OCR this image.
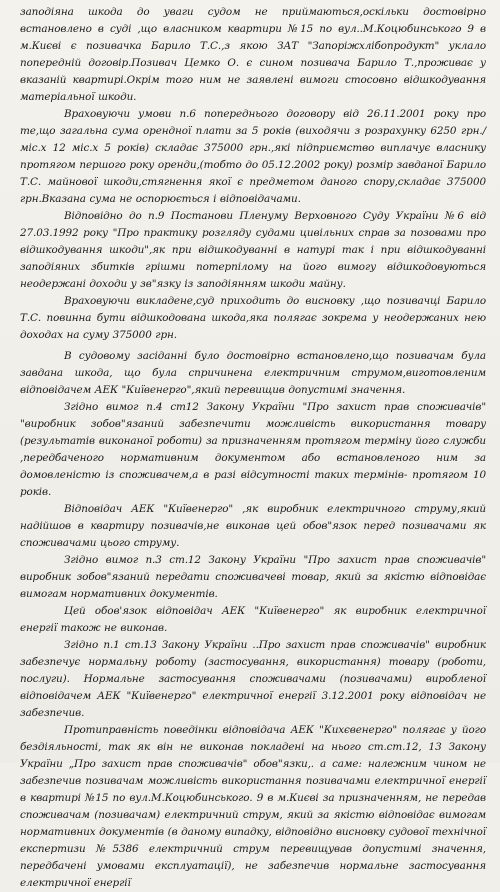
заподіяна шкода до уваги судом не приймаються,оскільки достовірно встановлено в суді ,що власником квартири №15 по вул..М.Коцюбинського 9 в м.Києві є позивачка Барило Т.С.,з якою ЗАТ "Запоріжхлібопродукт" уклало попередній договір.Позивач Цемко О. є сином позивача Барило Т.,проживає у вказаній квартирі.Окрім того ним не заявлені вимоги стосовно відшкодування матеріальної шкоди.

Враховуючи умови п.6 попереднього договору від 26.11.2001 року про те,що загальна сума орендної плати за 5 років (виходячи з розрахунку 6250 грн./міс.х 12 міс.х 5 років) складає 375000 грн.,які підприємство виплачує власнику протягом першого року оренди,(тобто до 05.12.2002 року) розмір завданої Барило Т.С. майнової шкоди,стягнення якої є предметом даного спору,складає 375000 грн.Вказана сума не оспорюється і відповідачами.

Відповідно до п.9 Постанови Пленуму Верховного Суду України №6 від 27.03.1992 року "Про практику розгляду судами цивільних справ за позовами про відшкодування шкоди",як при відшкодуванні в натурі так і при відшкодуванні заподіяних збитків грішми потерпілому на його вимогу відшкодовуються неодержані доходи у зв"язку із заподіянням шкоди майну.

Враховуючи викладене,суд приходить до висновку ,що позивачці Барило Т.С. повинна бути відшкодована шкода,яка полягає зокрема у неодержаних нею доходах на суму 375000 грн.

В судовому засіданні було достовірно встановлено,що позивачам була завдана шкода, що була спричинена електричним струмом,виготовленим відповідачем АЕК "Київенерго",який перевищив допустимі значення.

Згідно вимог п.4 ст12 Закону України "Про захист прав споживачів" "виробник зобов"язаний забезпечити можливість використання товару (результатів виконаної роботи) за призначенням протягом терміну його служби ,передбаченого нормативним документом або встановленого ним за домовленістю із споживачем,а в разі відсутності таких термінів- протягом 10 років.

Відповідач АЕК "Київенерго" ,як виробник електричного струму,який надійшов в квартиру позивачів,не виконав цей обов"язок перед позивачами як споживачами цього струму.

Згідно вимог п.3 ст.12 Закону України "Про захист прав споживачів" виробник зобов"язаний передати споживачеві товар, який за якістю відповідає вимогам нормативних документів.

Цей обов'язок відповідач АЕК "Київенерго" як виробник електричної енергії також не виконав.

Згідно п.1 ст.13 Закону України ..Про захист прав споживачів" виробник забезпечує нормальну роботу (застосування, використання) товару (роботи, послуги). Нормальне застосування споживачами (позивачами) виробленої відповідачем АЕК "Київенерго" електричної енергії 3.12.2001 року відповідач не забезпечив.

Протиправність поведінки відповідача АЕК "Кихєвенерго" полягає у його бездіяльності, так як він не виконав покладені на нього ст.ст.12, 13 Закону України „Про захист прав споживачів" обов"язки,. а саме: належним чином не забезпечив позивачам можливість використання позивачами електричної енергії в квартирі №15 по вул.М.Коцюбинського. 9 в м.Києві за призначенням, не передав споживачам (позивачам) електричний струм, який за якістю відповідає вимогам нормативних документів (в даному випадку, відповідно висновку судової технічної експертизи №5386 електричний струм перевищував допустимі значення, передбачені умовами експлуатації), не забезпечив нормальне застосування електричної енергії
